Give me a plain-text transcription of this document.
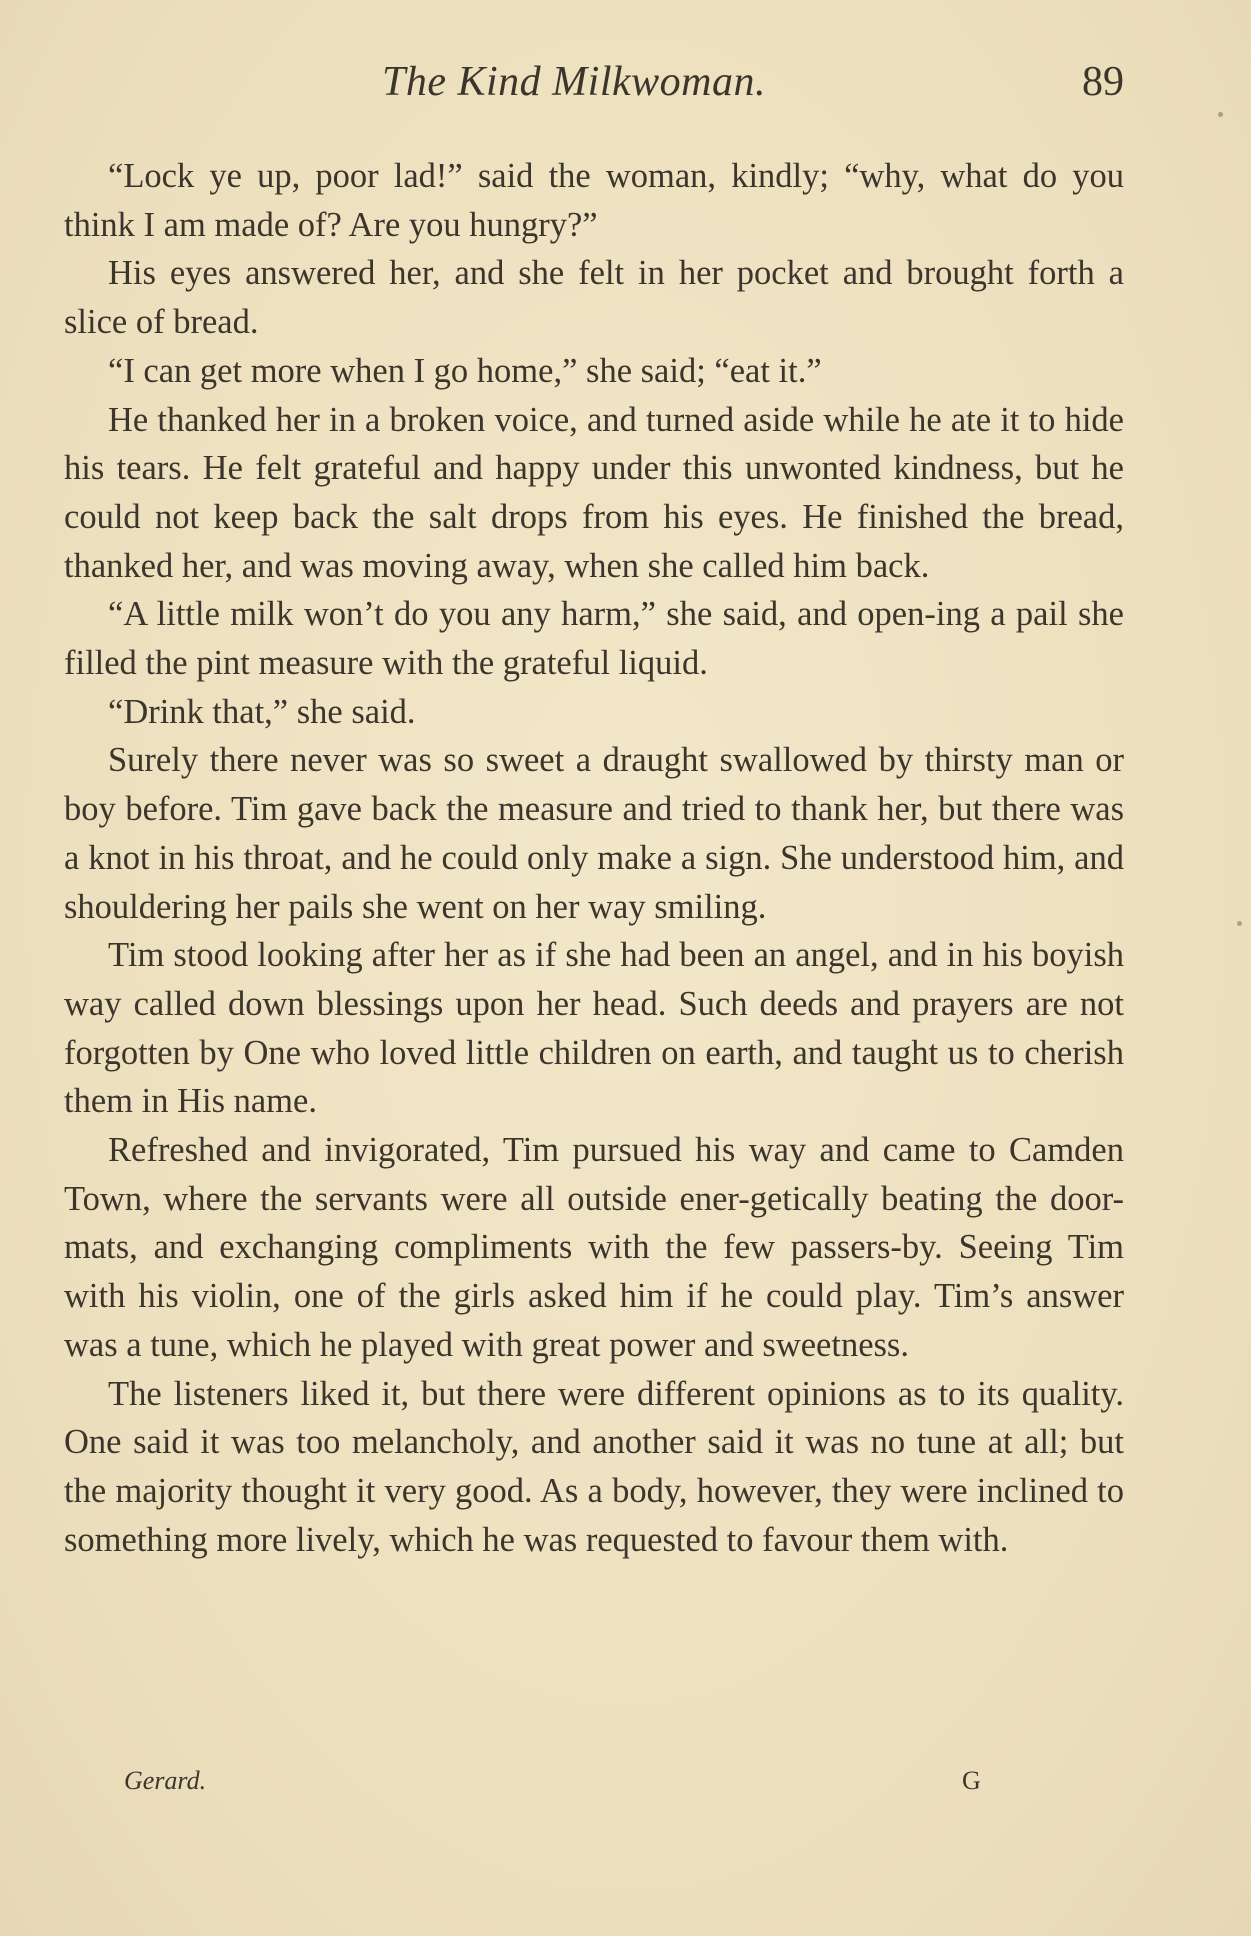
The Kind Milkwoman.	89

“Lock ye up, poor lad!” said the woman, kindly; “why, what do you think I am made of? Are you hungry?”

His eyes answered her, and she felt in her pocket and brought forth a slice of bread.

“I can get more when I go home,” she said; “eat it.”

He thanked her in a broken voice, and turned aside while he ate it to hide his tears. He felt grateful and happy under this unwonted kindness, but he could not keep back the salt drops from his eyes. He finished the bread, thanked her, and was moving away, when she called him back.

“A little milk won’t do you any harm,” she said, and open-ing a pail she filled the pint measure with the grateful liquid.

“Drink that,” she said.

Surely there never was so sweet a draught swallowed by thirsty man or boy before. Tim gave back the measure and tried to thank her, but there was a knot in his throat, and he could only make a sign. She understood him, and shouldering her pails she went on her way smiling.

Tim stood looking after her as if she had been an angel, and in his boyish way called down blessings upon her head. Such deeds and prayers are not forgotten by One who loved little children on earth, and taught us to cherish them in His name.

Refreshed and invigorated, Tim pursued his way and came to Camden Town, where the servants were all outside ener-getically beating the door-mats, and exchanging compliments with the few passers-by. Seeing Tim with his violin, one of the girls asked him if he could play. Tim’s answer was a tune, which he played with great power and sweetness.

The listeners liked it, but there were different opinions as to its quality. One said it was too melancholy, and another said it was no tune at all; but the majority thought it very good. As a body, however, they were inclined to something more lively, which he was requested to favour them with.

Gerard.	G
